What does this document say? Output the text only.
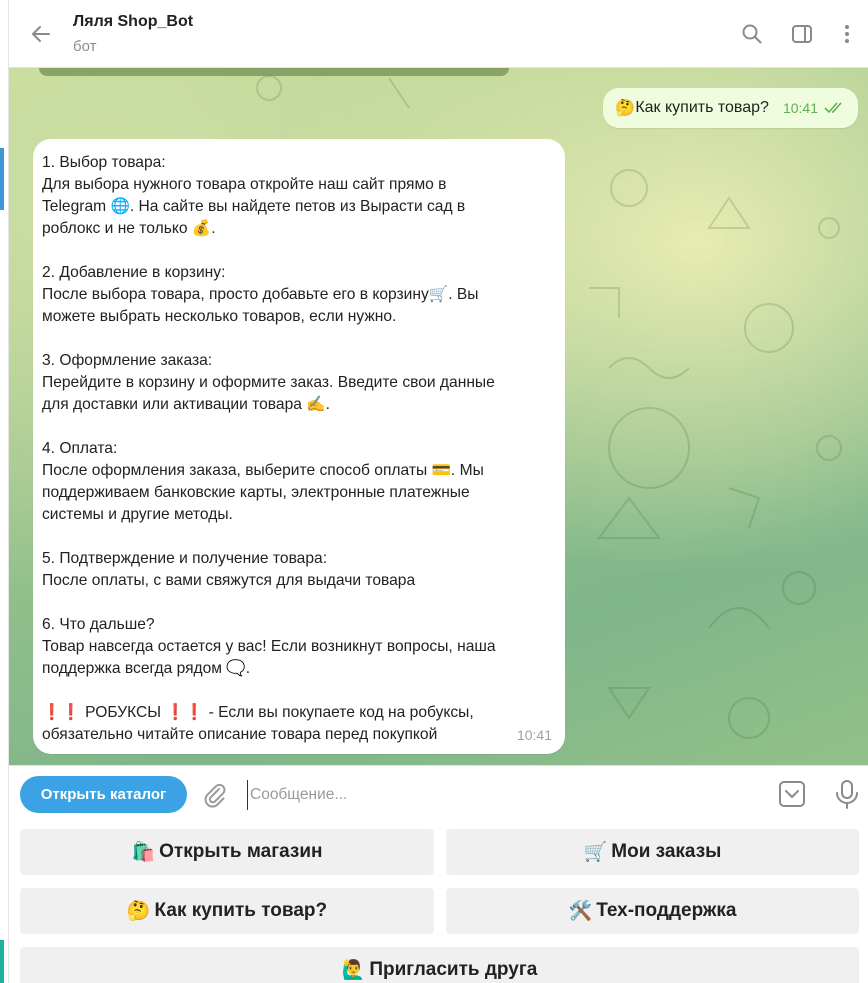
Ляля Shop_Bot
бот
🤔 Как купить товар? 10:41

1. Выбор товара:

Для выбора нужного товара откройте наш сайт прямо в

Telegram 🌐. На сайте вы найдете петов из Вырасти сад в

роблокс и не только 💰.

2. Добавление в корзину:

После выбора товара, просто добавьте его в корзину🛒. Вы

можете выбрать несколько товаров, если нужно.

3. Оформление заказа:

Перейдите в корзину и оформите заказ. Введите свои данные

для доставки или активации товара ✍️.

4. Оплата:

После оформления заказа, выберите способ оплаты 💳. Мы

поддерживаем банковские карты, электронные платежные

системы и другие методы.

5. Подтверждение и получение товара:

После оплаты, с вами свяжутся для выдачи товара

6. Что дальше?

Товар навсегда остается у вас! Если возникнут вопросы, наша

поддержка всегда рядом 🗨️.

❗❗ РОБУКСЫ ❗❗ - Если вы покупаете код на робуксы,

обязательно читайте описание товара перед покупкой	10:41
Открыть каталог
Сообщение...
🛍️ Открыть магазин	🛒 Мои заказы
🤔 Как купить товар?	🛠️ Тех-поддержка
🙋‍♂️ Пригласить друга
